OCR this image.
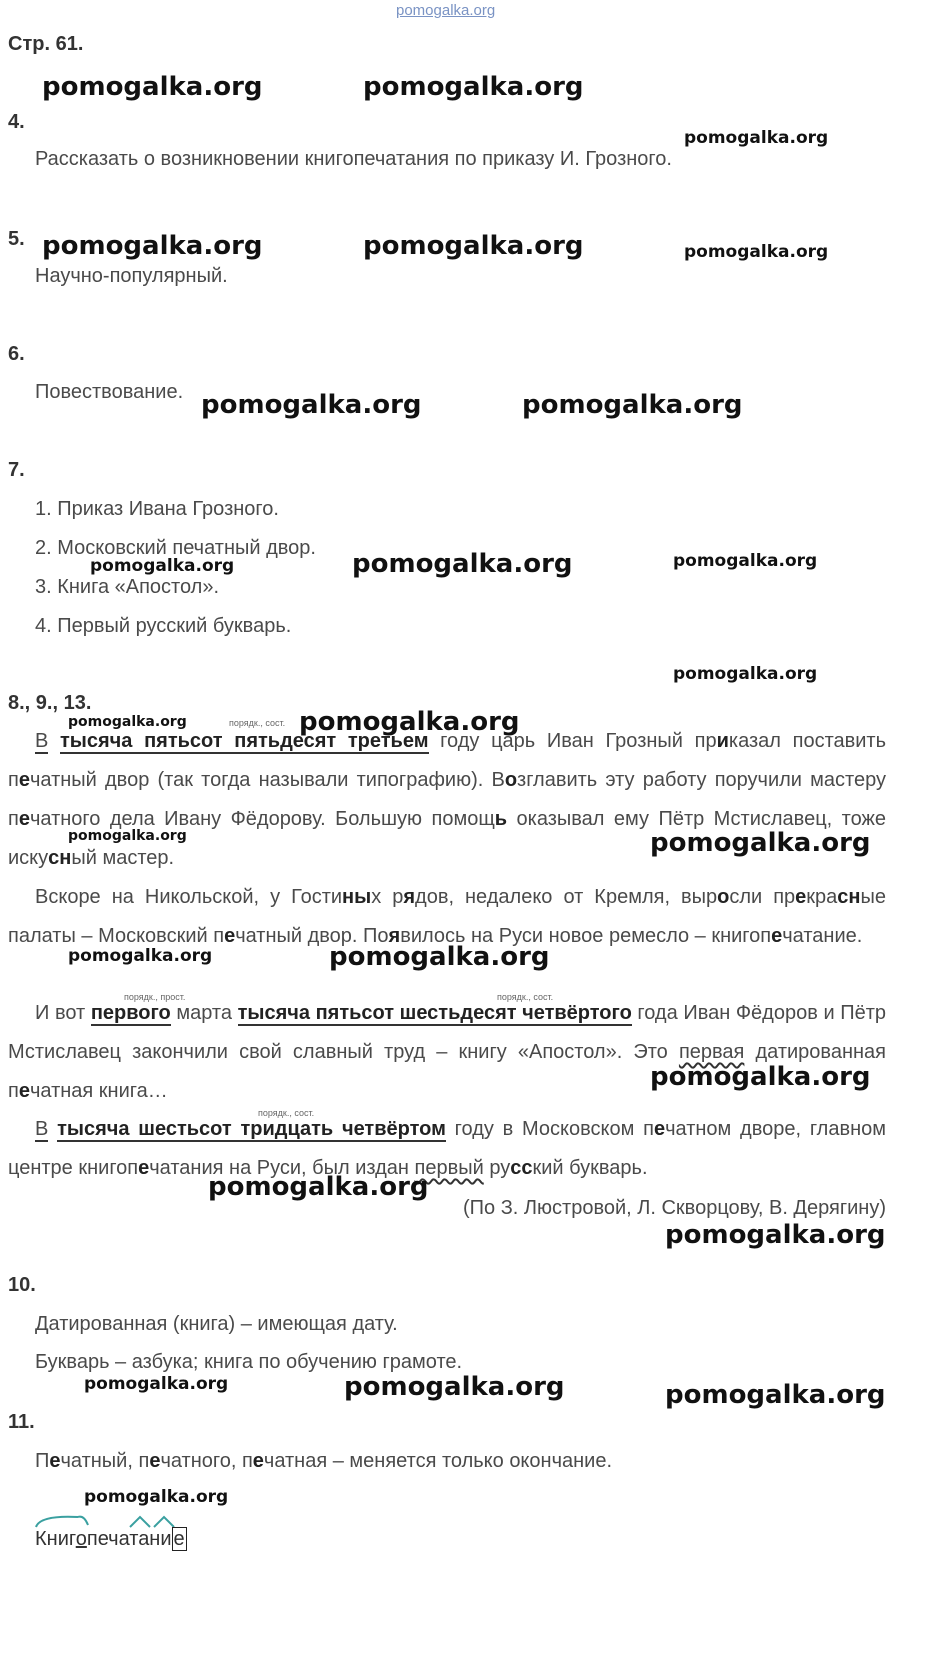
pomogalka.org
Стр. 61.
4.
Рассказать о возникновении книгопечатания по приказу И. Грозного.
5.
Научно-популярный.
6.
Повествование.
7.
1. Приказ Ивана Грозного.
2. Московский печатный двор.
3. Книга «Апостол».
4. Первый русский букварь.
8., 9., 13.
порядк., сост.
В тысяча пятьсот пятьдесят третьем году царь Иван Грозный приказал поставить печатный двор (так тогда называли типографию). Возглавить эту работу поручили мастеру печатного дела Ивану Фёдорову. Большую помощь оказывал ему Пётр Мстиславец, тоже искусный мастер.
Вскоре на Никольской, у Гостиных рядов, недалеко от Кремля, выросли прекрасные палаты – Московский печатный двор. Появилось на Руси новое ремесло – книгопечатание.
порядк., прост.	порядк., сост.
И вот первого марта тысяча пятьсот шестьдесят четвёртого года Иван Фёдоров и Пётр Мстиславец закончили свой славный труд – книгу «Апостол». Это первая датированная печатная книга…
порядк., сост.
В тысяча шестьсот тридцать четвёртом году в Московском печатном дворе, главном центре книгопечатания на Руси, был издан первый русский букварь.
(По З. Люстровой, Л. Скворцову, В. Дерягину)
10.
Датированная (книга) – имеющая дату.
Букварь – азбука; книга по обучению грамоте.
11.
Печатный, печатного, печатная – меняется только окончание.
Книгопечатани е
pomogalka.org	pomogalka.org
pomogalka.org
pomogalka.org	pomogalka.org	pomogalka.org
pomogalka.org	pomogalka.org
pomogalka.org	pomogalka.org
pomogalka.org
pomogalka.org
pomogalka.org	pomogalka.org
pomogalka.org	pomogalka.org
pomogalka.org	pomogalka.org
pomogalka.org
pomogalka.org
pomogalka.org
pomogalka.org	pomogalka.org	pomogalka.org
pomogalka.org
